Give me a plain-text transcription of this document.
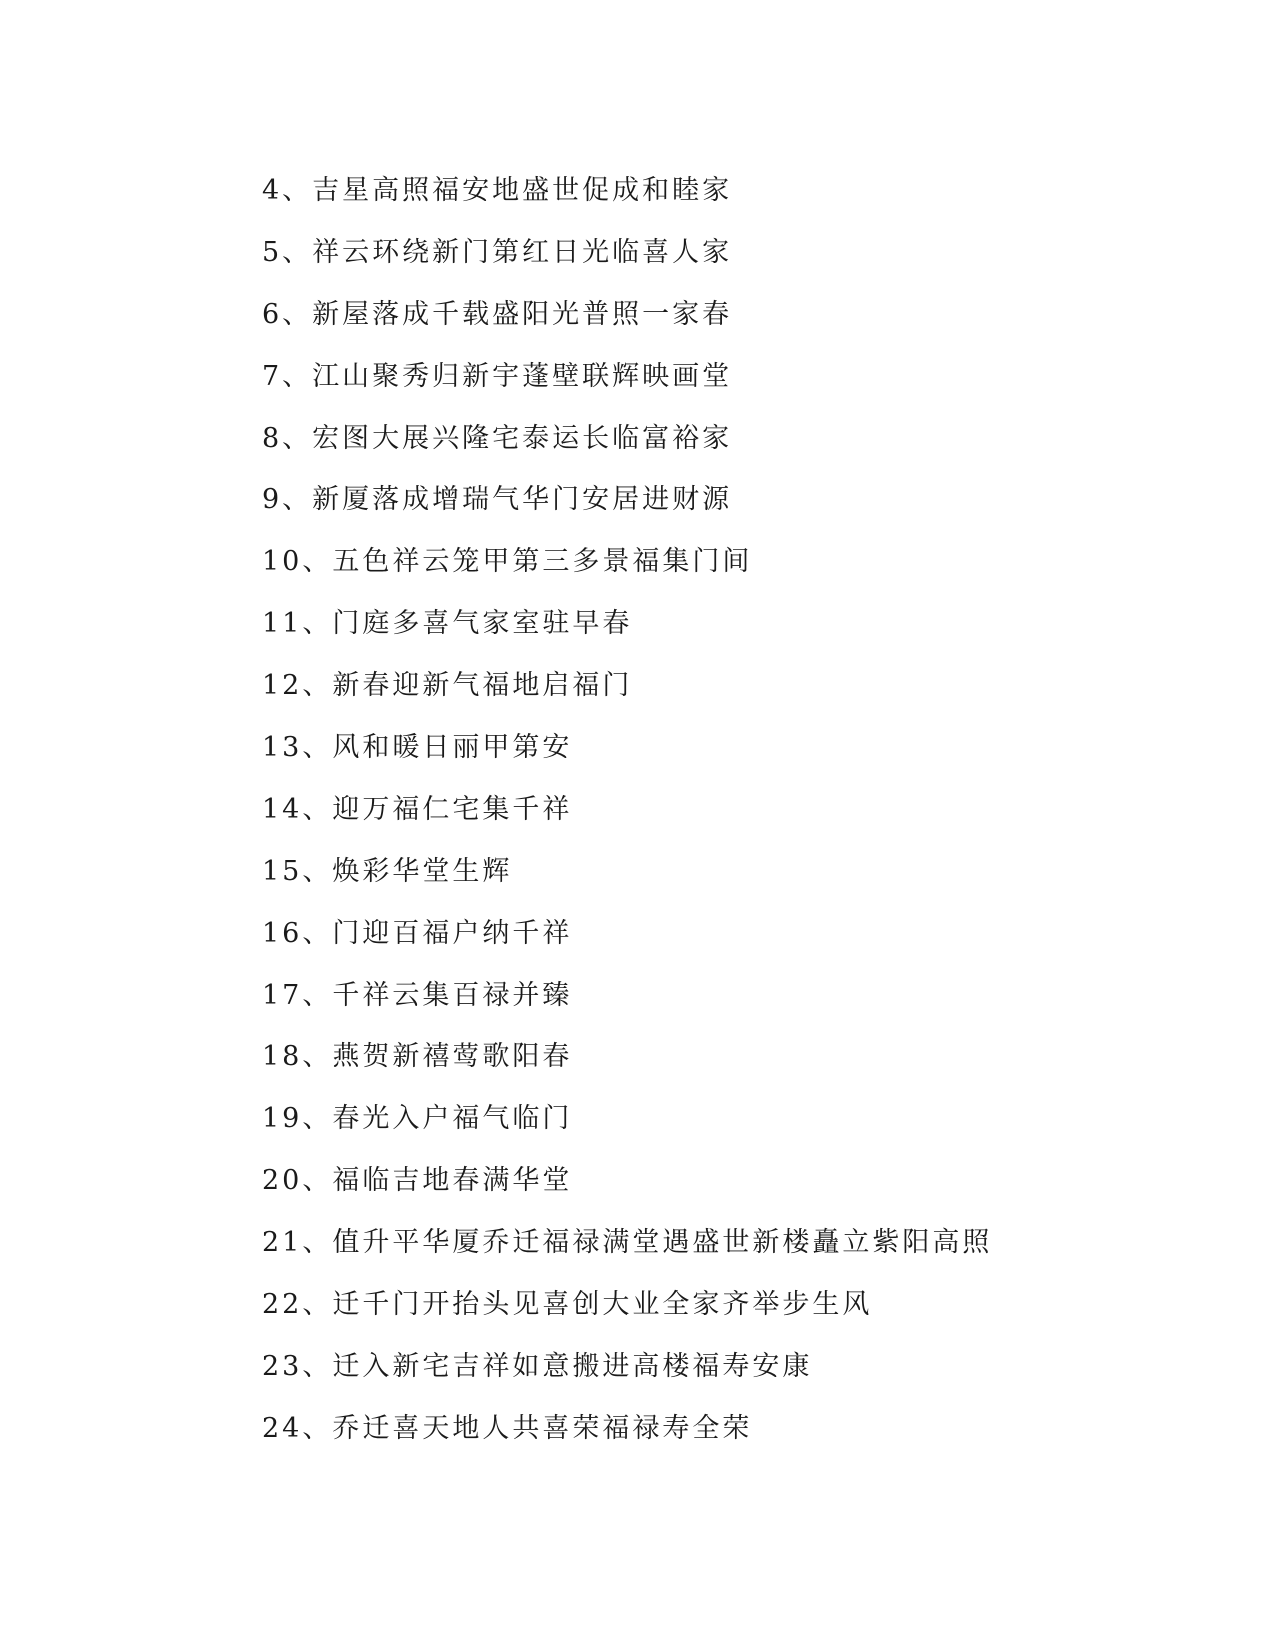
4、吉星高照福安地盛世促成和睦家
5、祥云环绕新门第红日光临喜人家
6、新屋落成千载盛阳光普照一家春
7、江山聚秀归新宇蓬壁联辉映画堂
8、宏图大展兴隆宅泰运长临富裕家
9、新厦落成增瑞气华门安居进财源
10、五色祥云笼甲第三多景福集门间
11、门庭多喜气家室驻早春
12、新春迎新气福地启福门
13、风和暖日丽甲第安
14、迎万福仁宅集千祥
15、焕彩华堂生辉
16、门迎百福户纳千祥
17、千祥云集百禄并臻
18、燕贺新禧莺歌阳春
19、春光入户福气临门
20、福临吉地春满华堂
21、值升平华厦乔迁福禄满堂遇盛世新楼矗立紫阳高照
22、迁千门开抬头见喜创大业全家齐举步生风
23、迁入新宅吉祥如意搬进高楼福寿安康
24、乔迁喜天地人共喜荣福禄寿全荣
